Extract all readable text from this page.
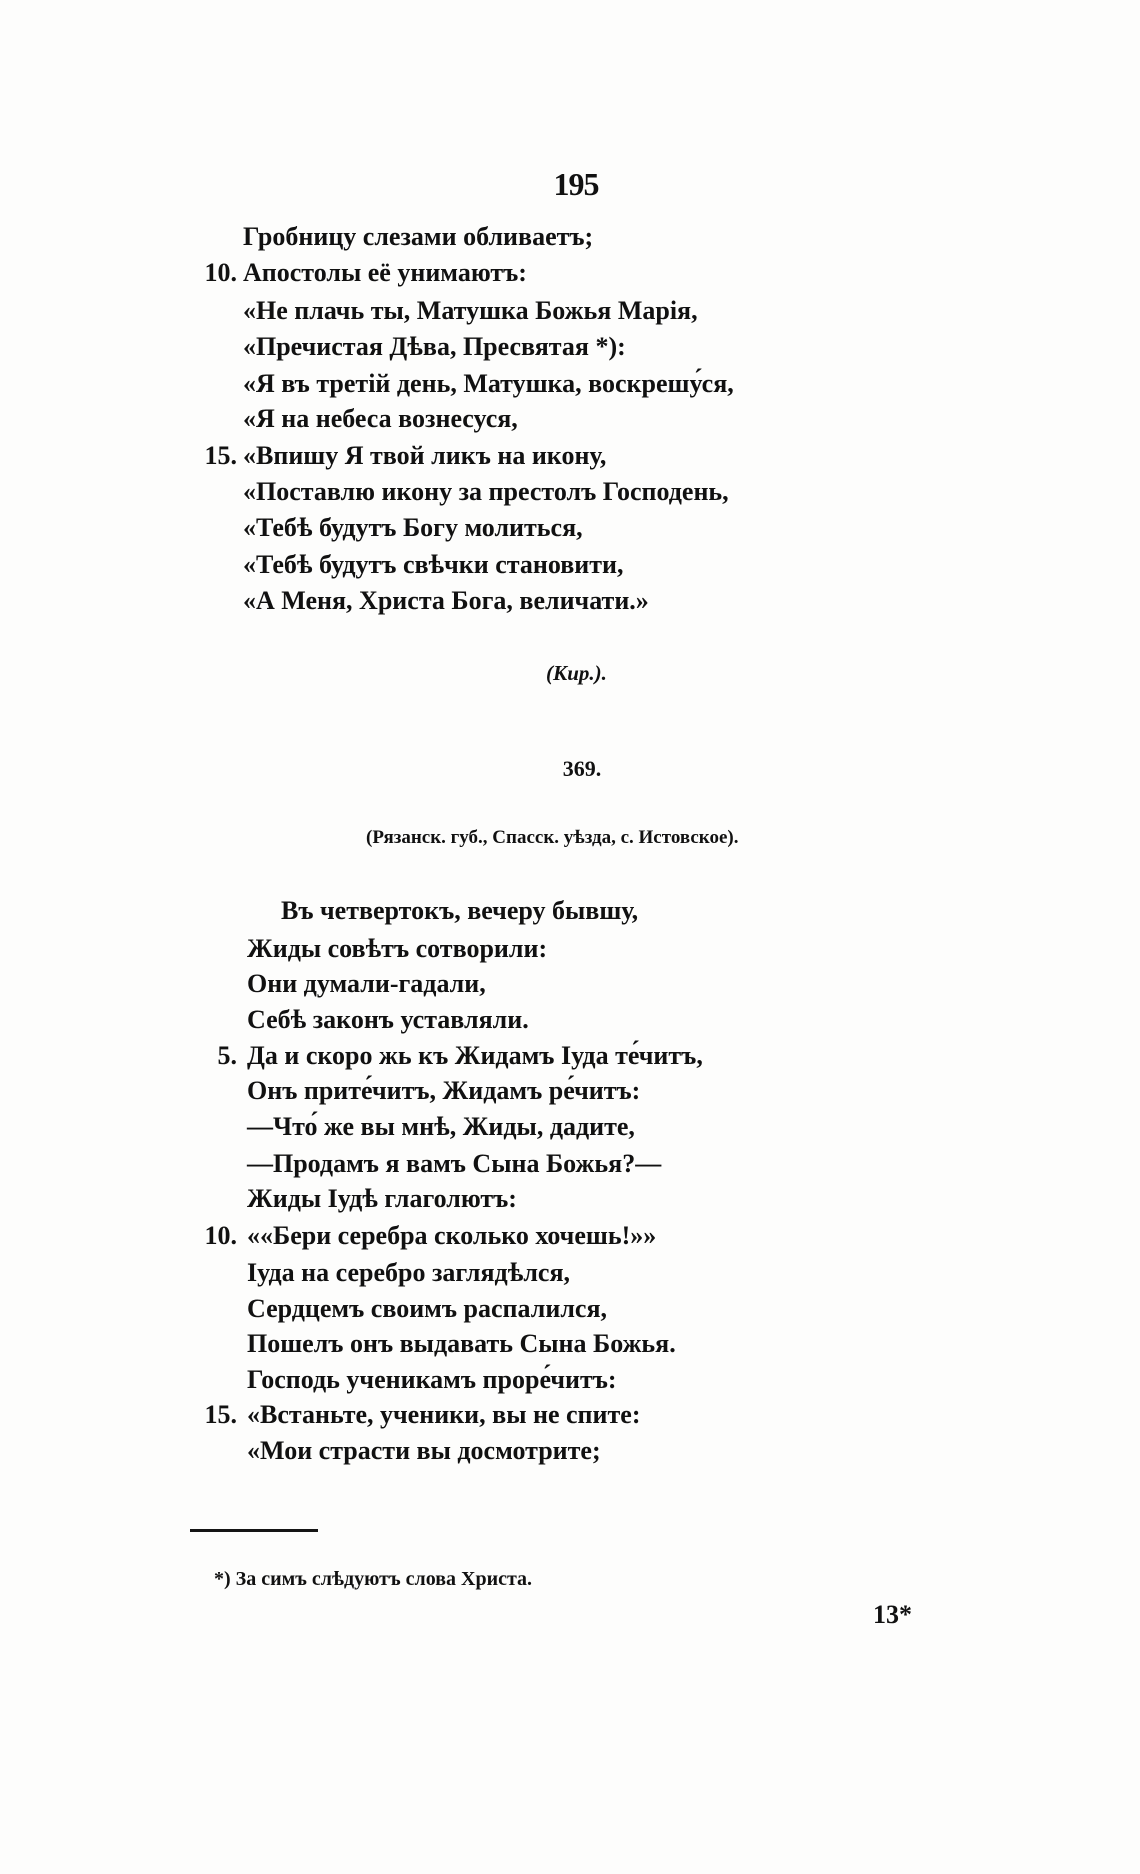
195
Гробницу слезами обливаетъ;
10. Апостолы её унимаютъ:
«Не плачь ты, Матушка Божья Марія,
«Пречистая Дѣва, Пресвятая *):
«Я въ третій день, Матушка, воскрешу́ся,
«Я на небеса вознесуся,
15. «Впишу Я твой ликъ на икону,
«Поставлю икону за престолъ Господень,
«Тебѣ будутъ Богу молиться,
«Тебѣ будутъ свѣчки становити,
«А Меня, Христа Бога, величати.»
(Кир.).
369.
(Рязанск. губ., Спасск. уѣзда, с. Истовское).
Въ четвертокъ, вечеру бывшу,
Жиды совѣтъ сотворили:
Они думали-гадали,
Себѣ законъ уставляли.
5. Да и скоро жь къ Жидамъ Іуда те́читъ,
Онъ прите́читъ, Жидамъ ре́читъ:
—Что́ же вы мнѣ, Жиды, дадите,
—Продамъ я вамъ Сына Божья?—
Жиды Іудѣ глаголютъ:
10. ««Бери серебра сколько хочешь!»»
Іуда на серебро заглядѣлся,
Сердцемъ своимъ распалился,
Пошелъ онъ выдавать Сына Божья.
Господь ученикамъ проре́читъ:
15. «Встаньте, ученики, вы не спите:
«Мои страсти вы досмотрите;
*) За симъ слѣдуютъ слова Христа.
13*
